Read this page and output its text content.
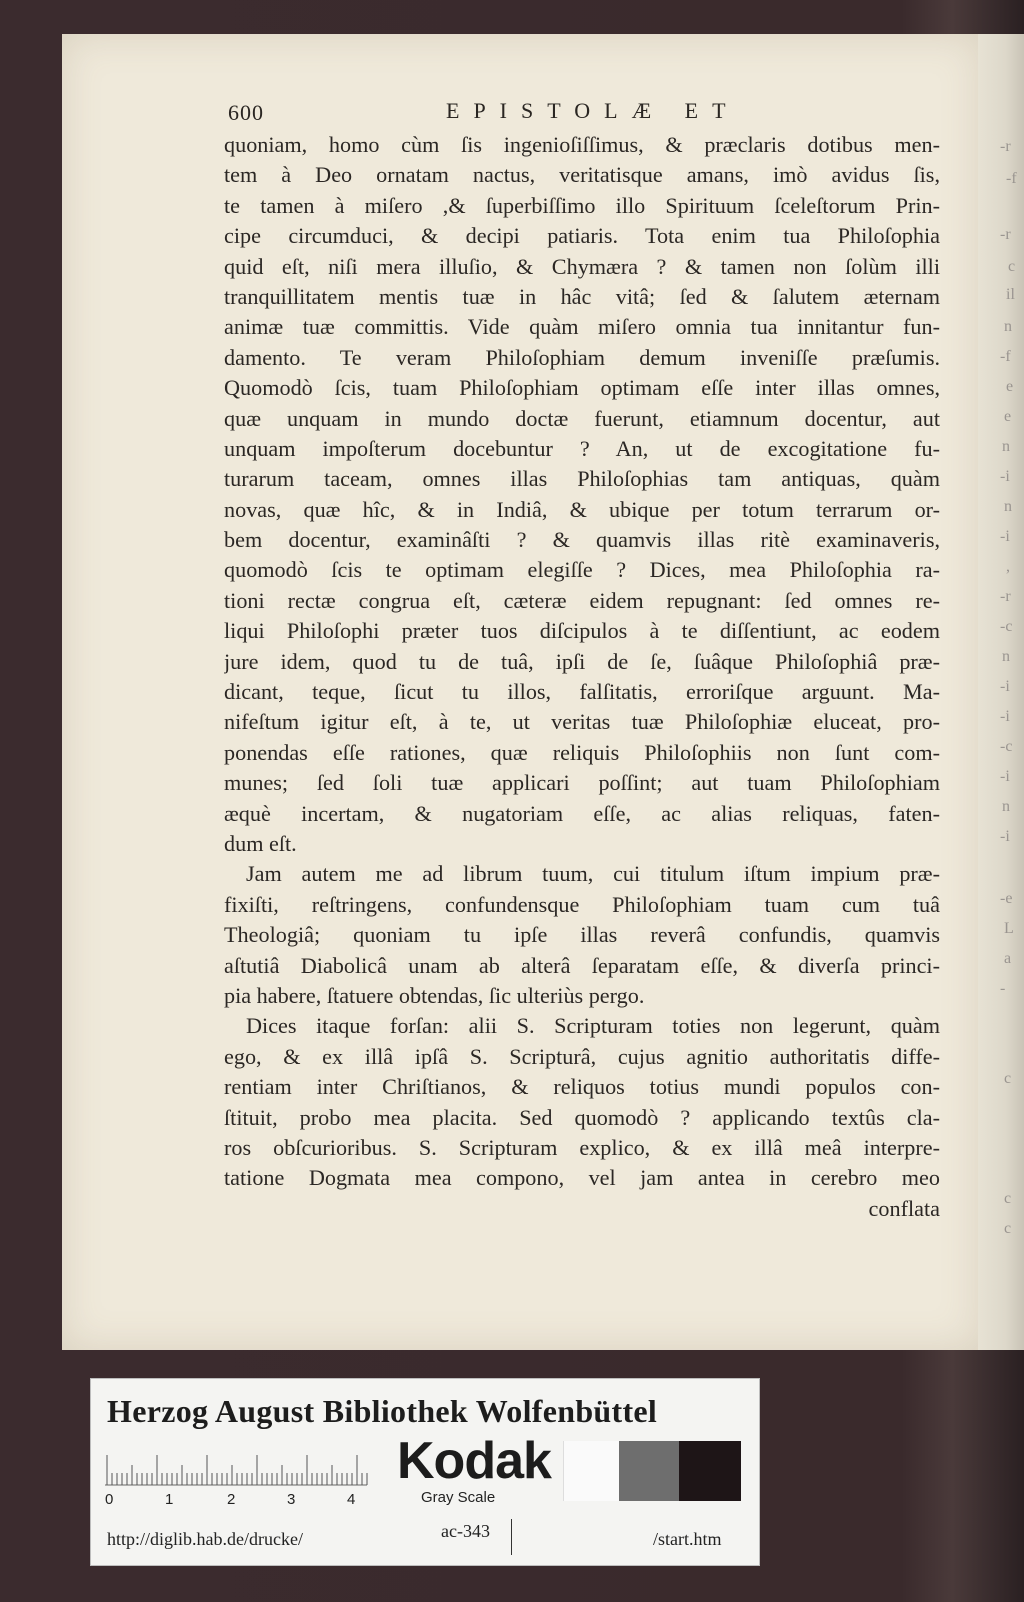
-r
-f
-r
c
il
n
-f
e
e
n
-i
n
-i
,
-r
-c
n
-i
-i
-c
-i
n
-i
-e
L
a
-
c
c
c
600	EPISTOLÆ ET
quoniam, homo cùm ſis ingenioſiſſimus, & præclaris dotibus men-
tem à Deo ornatam nactus, veritatisque amans, imò avidus ſis,
te tamen à miſero ,& ſuperbiſſimo illo Spirituum ſceleſtorum Prin-
cipe circumduci, & decipi patiaris. Tota enim tua Philoſophia
quid eſt, niſi mera illuſio, & Chymæra ? & tamen non ſolùm illi
tranquillitatem mentis tuæ in hâc vitâ; ſed & ſalutem æternam
animæ tuæ committis. Vide quàm miſero omnia tua innitantur fun-
damento. Te veram Philoſophiam demum inveniſſe præſumis.
Quomodò ſcis, tuam Philoſophiam optimam eſſe inter illas omnes,
quæ unquam in mundo doctæ fuerunt, etiamnum docentur, aut
unquam impoſterum docebuntur ? An, ut de excogitatione fu-
turarum taceam, omnes illas Philoſophias tam antiquas, quàm
novas, quæ hîc, & in Indiâ, & ubique per totum terrarum or-
bem docentur, examinâſti ? & quamvis illas ritè examinaveris,
quomodò ſcis te optimam elegiſſe ? Dices, mea Philoſophia ra-
tioni rectæ congrua eſt, cæteræ eidem repugnant: ſed omnes re-
liqui Philoſophi præter tuos diſcipulos à te diſſentiunt, ac eodem
jure idem, quod tu de tuâ, ipſi de ſe, ſuâque Philoſophiâ præ-
dicant, teque, ſicut tu illos, falſitatis, erroriſque arguunt. Ma-
nifeſtum igitur eſt, à te, ut veritas tuæ Philoſophiæ eluceat, pro-
ponendas eſſe rationes, quæ reliquis Philoſophiis non ſunt com-
munes; ſed ſoli tuæ applicari poſſint; aut tuam Philoſophiam
æquè incertam, & nugatoriam eſſe, ac alias reliquas, faten-
dum eſt.
Jam autem me ad librum tuum, cui titulum iſtum impium præ-
fixiſti, reſtringens, confundensque Philoſophiam tuam cum tuâ
Theologiâ; quoniam tu ipſe illas reverâ confundis, quamvis
aſtutiâ Diabolicâ unam ab alterâ ſeparatam eſſe, & diverſa princi-
pia habere, ſtatuere obtendas, ſic ulteriùs pergo.
Dices itaque forſan: alii S. Scripturam toties non legerunt, quàm
ego, & ex illâ ipſâ S. Scripturâ, cujus agnitio authoritatis diffe-
rentiam inter Chriſtianos, & reliquos totius mundi populos con-
ſtituit, probo mea placita. Sed quomodò ? applicando textûs cla-
ros obſcurioribus. S. Scripturam explico, & ex illâ meâ interpre-
tatione Dogmata mea compono, vel jam antea in cerebro meo
conflata
Herzog August Bibliothek Wolfenbüttel
0	1	2	3	4
Kodak
Gray Scale
http://diglib.hab.de/drucke/	ac-343	/start.htm
